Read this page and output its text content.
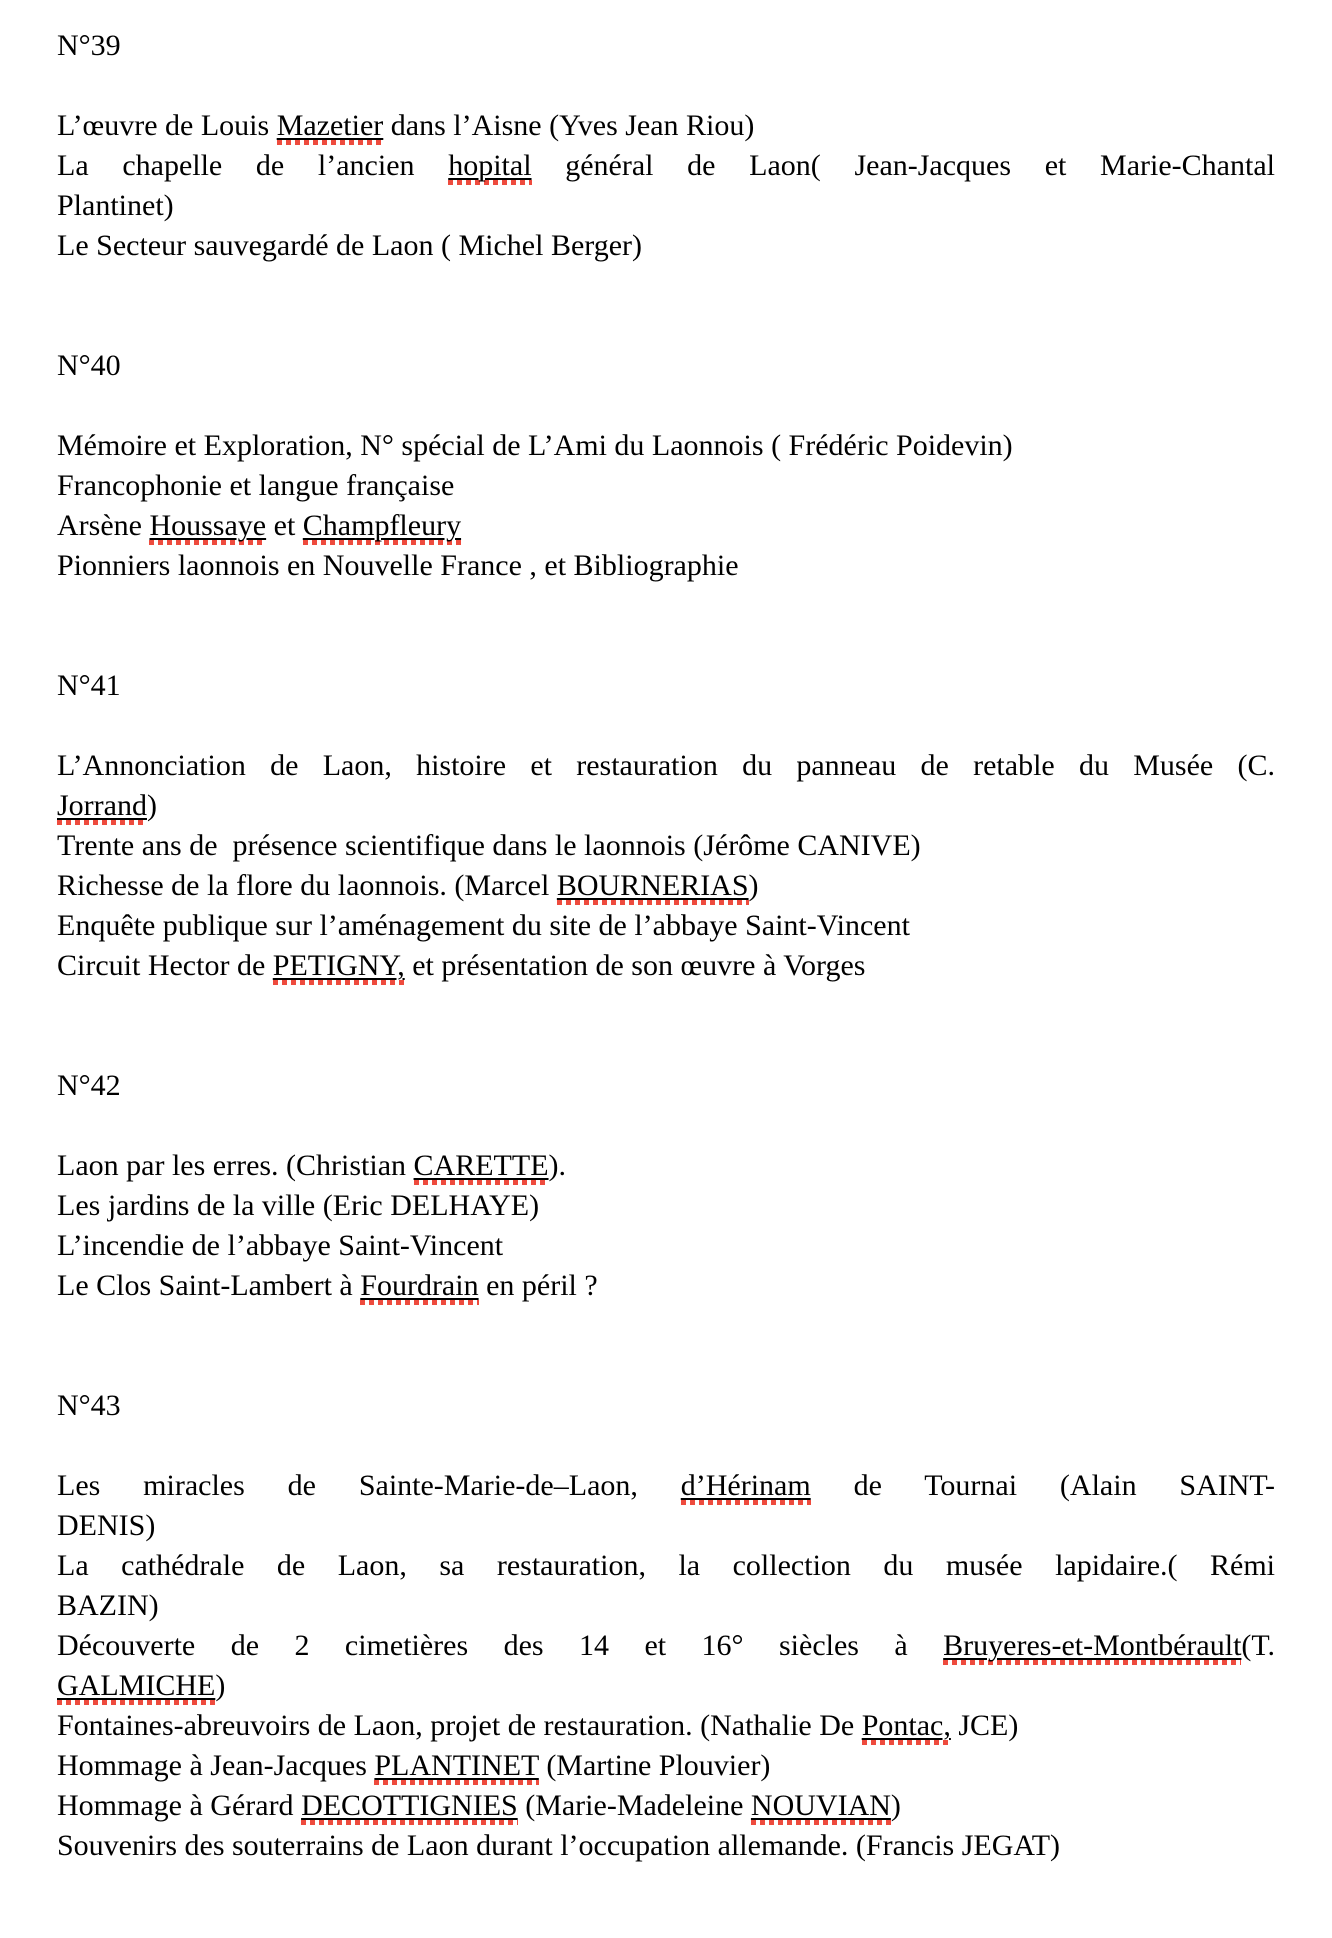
N°39
L’œuvre de Louis Mazetier dans l’Aisne (Yves Jean Riou)
La chapelle de l’ancien hopital général de Laon( Jean-Jacques et Marie-Chantal
Plantinet)
Le Secteur sauvegardé de Laon ( Michel Berger)
N°40
Mémoire et Exploration, N° spécial de L’Ami du Laonnois ( Frédéric Poidevin)
Francophonie et langue française
Arsène Houssaye et Champfleury
Pionniers laonnois en Nouvelle France , et Bibliographie
N°41
L’Annonciation de Laon, histoire et restauration du panneau de retable du Musée (C.
Jorrand)
Trente ans de  présence scientifique dans le laonnois (Jérôme CANIVE)
Richesse de la flore du laonnois. (Marcel BOURNERIAS)
Enquête publique sur l’aménagement du site de l’abbaye Saint-Vincent
Circuit Hector de PETIGNY, et présentation de son œuvre à Vorges
N°42
Laon par les erres. (Christian CARETTE).
Les jardins de la ville (Eric DELHAYE)
L’incendie de l’abbaye Saint-Vincent
Le Clos Saint-Lambert à Fourdrain en péril ?
N°43
Les miracles de Sainte-Marie-de–Laon, d’Hérinam de Tournai (Alain SAINT-
DENIS)
La cathédrale de Laon, sa restauration, la collection du musée lapidaire.( Rémi
BAZIN)
Découverte de 2 cimetières des 14 et 16° siècles à Bruyeres-et-Montbérault(T.
GALMICHE)
Fontaines-abreuvoirs de Laon, projet de restauration. (Nathalie De Pontac, JCE)
Hommage à Jean-Jacques PLANTINET (Martine Plouvier)
Hommage à Gérard DECOTTIGNIES (Marie-Madeleine NOUVIAN)
Souvenirs des souterrains de Laon durant l’occupation allemande. (Francis JEGAT)
